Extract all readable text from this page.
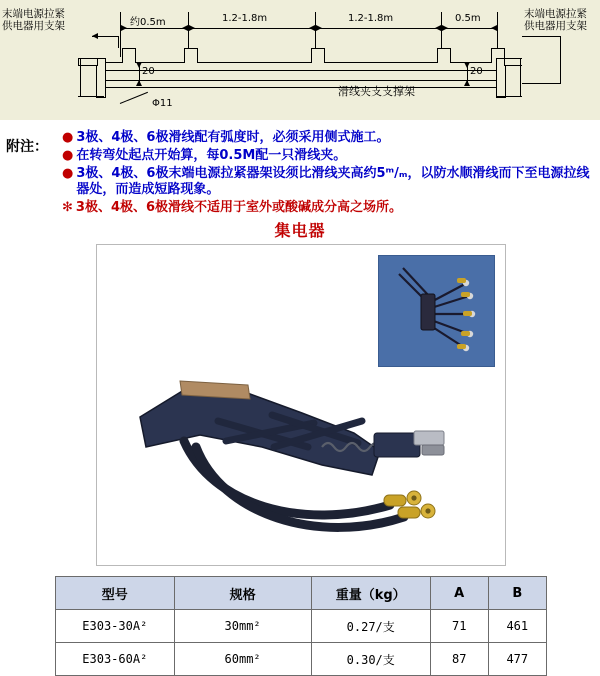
末端电源拉紧
供电器用支架
末端电源拉紧
供电器用支架
约0.5m	1.2-1.8m	1.2-1.8m	0.5m
20	20
Φ11
滑线夹支支撑架
附注：
● 3极、4极、6极滑线配有弧度时，必须采用侧式施工。
● 在转弯处起点开始算，每0.5M配一只滑线夹。
● 3极、4极、6极末端电源拉紧器架设须比滑线夹高约5ᵐ/ₘ，以防水顺滑线而下至电源拉线器处，而造成短路现象。
✻ 3极、4极、6极滑线不适用于室外或酸碱成分高之场所。
集电器
型号	规格	重量（kg）	A	B
E303-30A²	30mm²	0.27/支	71	461
E303-60A²	60mm²	0.30/支	87	477
